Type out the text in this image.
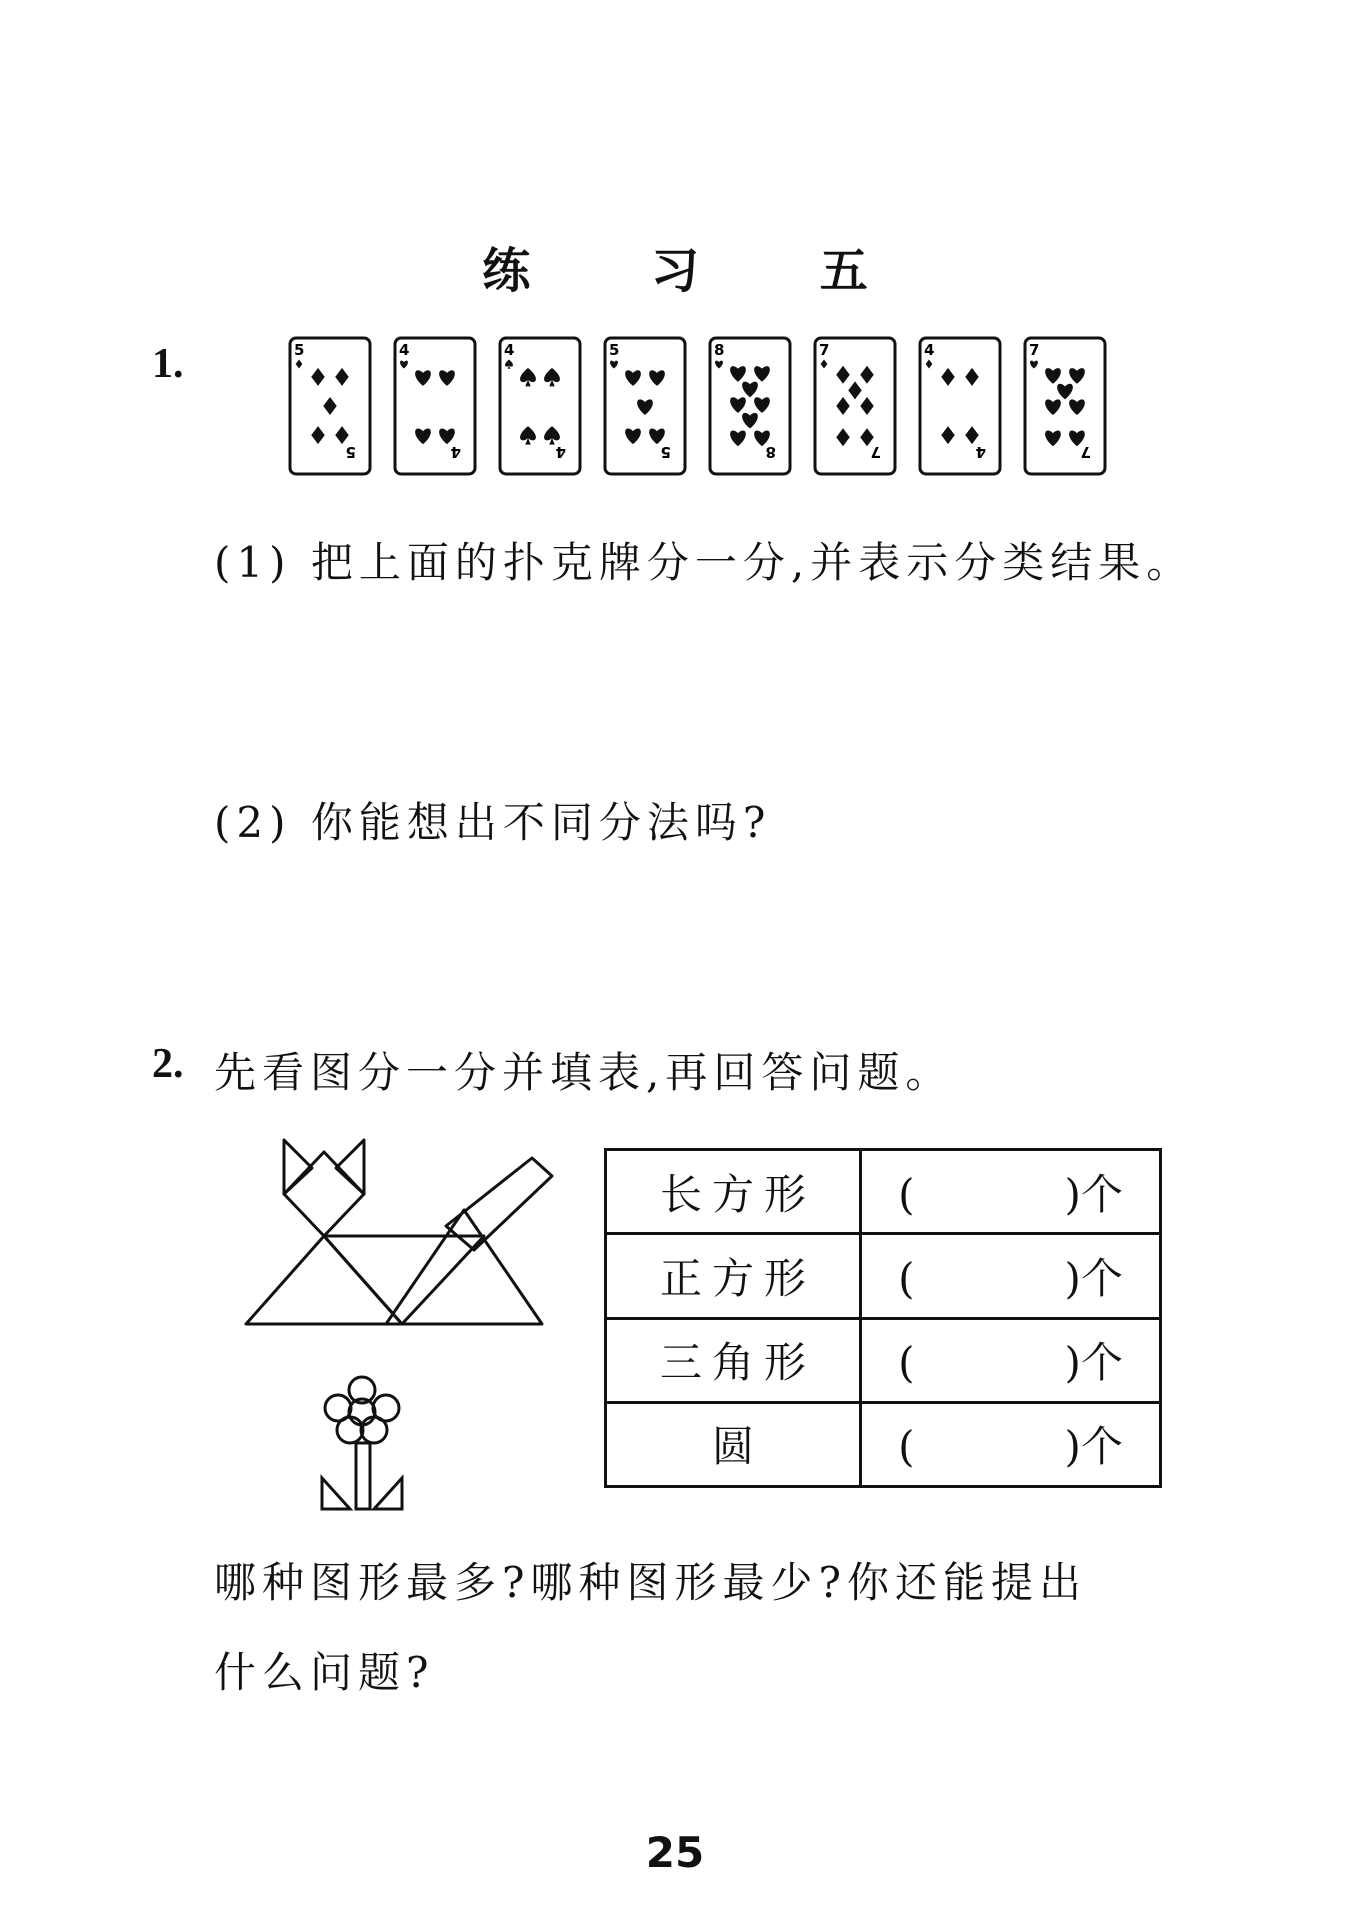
练 习 五
1.	5
5
4
4
4
4
5
5
8
8
7
7
4
4
7
7
(1) 把上面的扑克牌分一分,并表示分类结果。
(2) 你能想出不同分法吗?
2. 先看图分一分并填表,再回答问题。
长方形	( )个
正方形	( )个
三角形	( )个
圆	( )个
哪种图形最多?哪种图形最少?你还能提出
什么问题?
25
